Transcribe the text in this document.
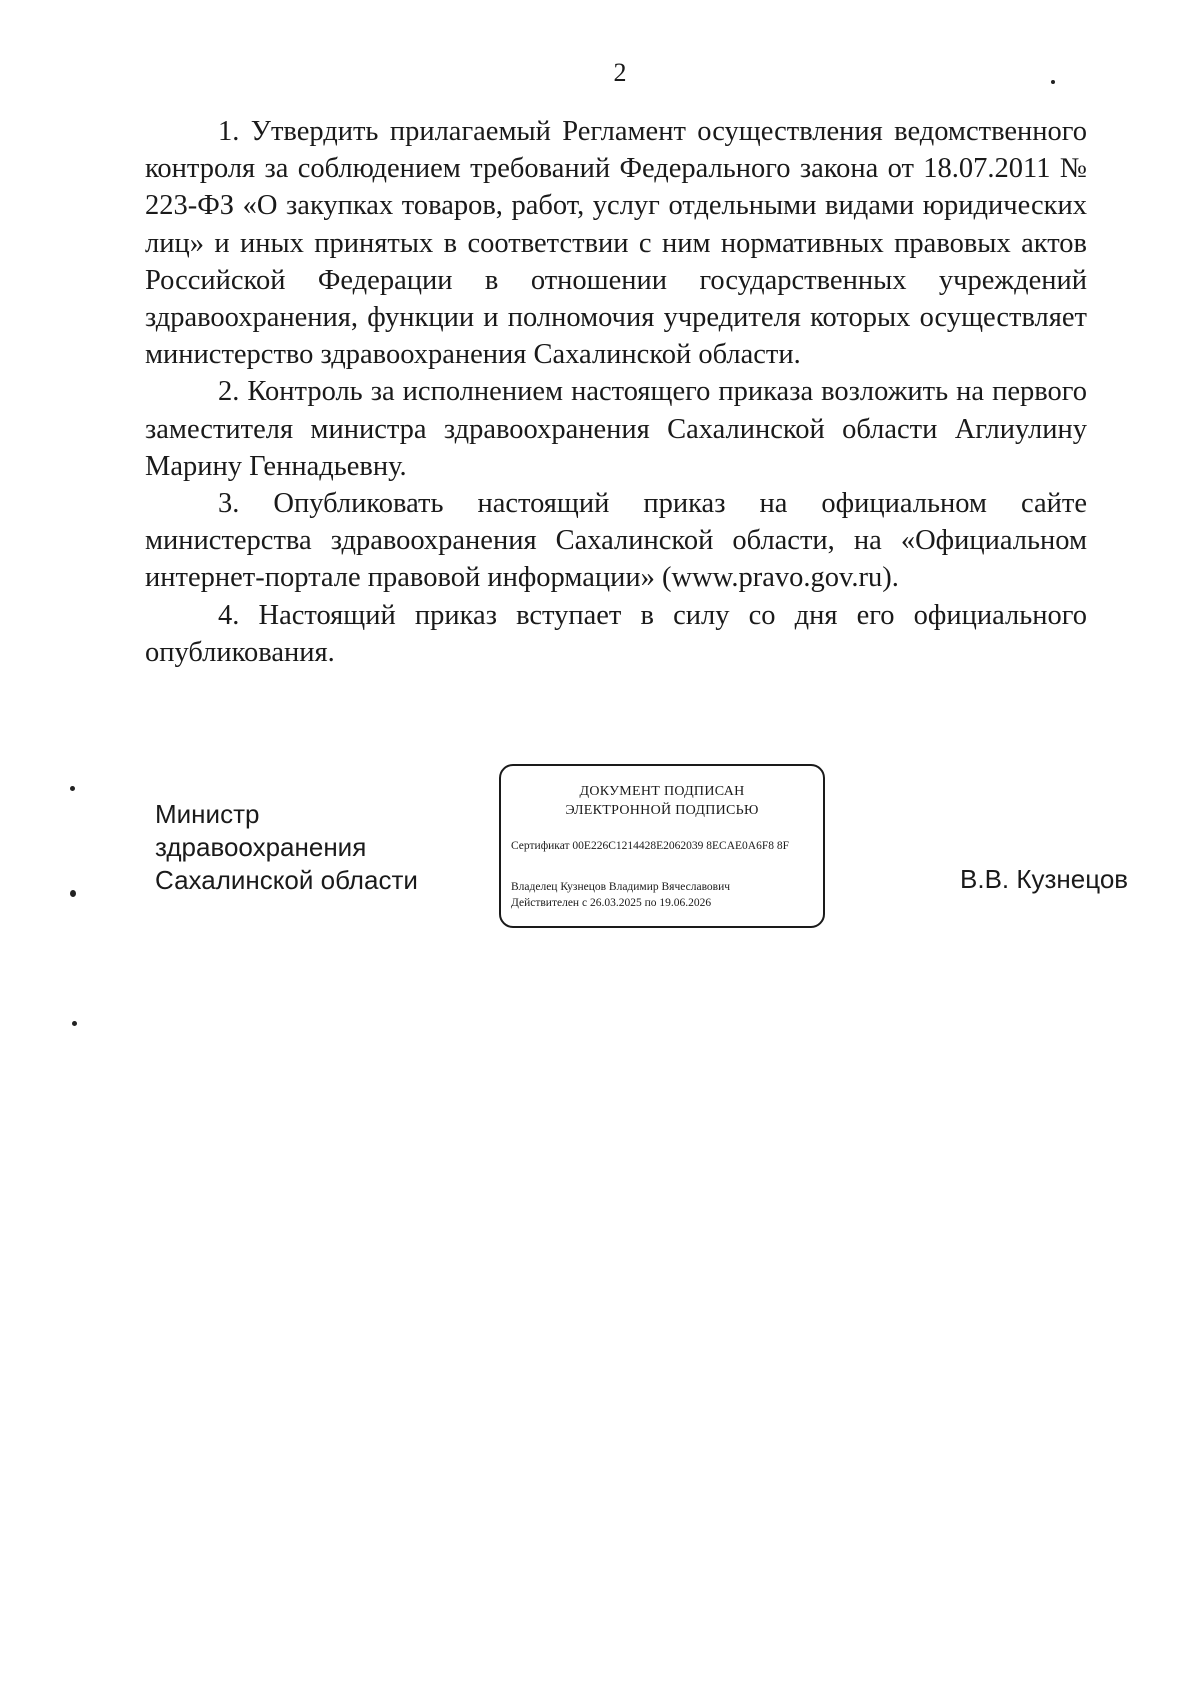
2

1. Утвердить прилагаемый Регламент осуществления ведомственного контроля за соблюдением требований Федерального закона от 18.07.2011 № 223-ФЗ «О закупках товаров, работ, услуг отдельными видами юридических лиц» и иных принятых в соответствии с ним нормативных правовых актов Российской Федерации в отношении государственных учреждений здравоохранения, функции и полномочия учредителя которых осуществляет министерство здравоохранения Сахалинской области.

2. Контроль за исполнением настоящего приказа возложить на первого заместителя министра здравоохранения Сахалинской области Аглиулину Марину Геннадьевну.

3. Опубликовать настоящий приказ на официальном сайте министерства здравоохранения Сахалинской области, на «Официальном интернет-портале правовой информации» (www.pravo.gov.ru).

4. Настоящий приказ вступает в силу со дня его официального опубликования.

Министр
здравоохранения
Сахалинской области
ДОКУМЕНТ ПОДПИСАН
ЭЛЕКТРОННОЙ ПОДПИСЬЮ
Сертификат 00E226C1214428E2062039 8ECAE0A6F8 8F
Владелец Кузнецов Владимир Вячеславович
Действителен с 26.03.2025 по 19.06.2026
В.В. Кузнецов
